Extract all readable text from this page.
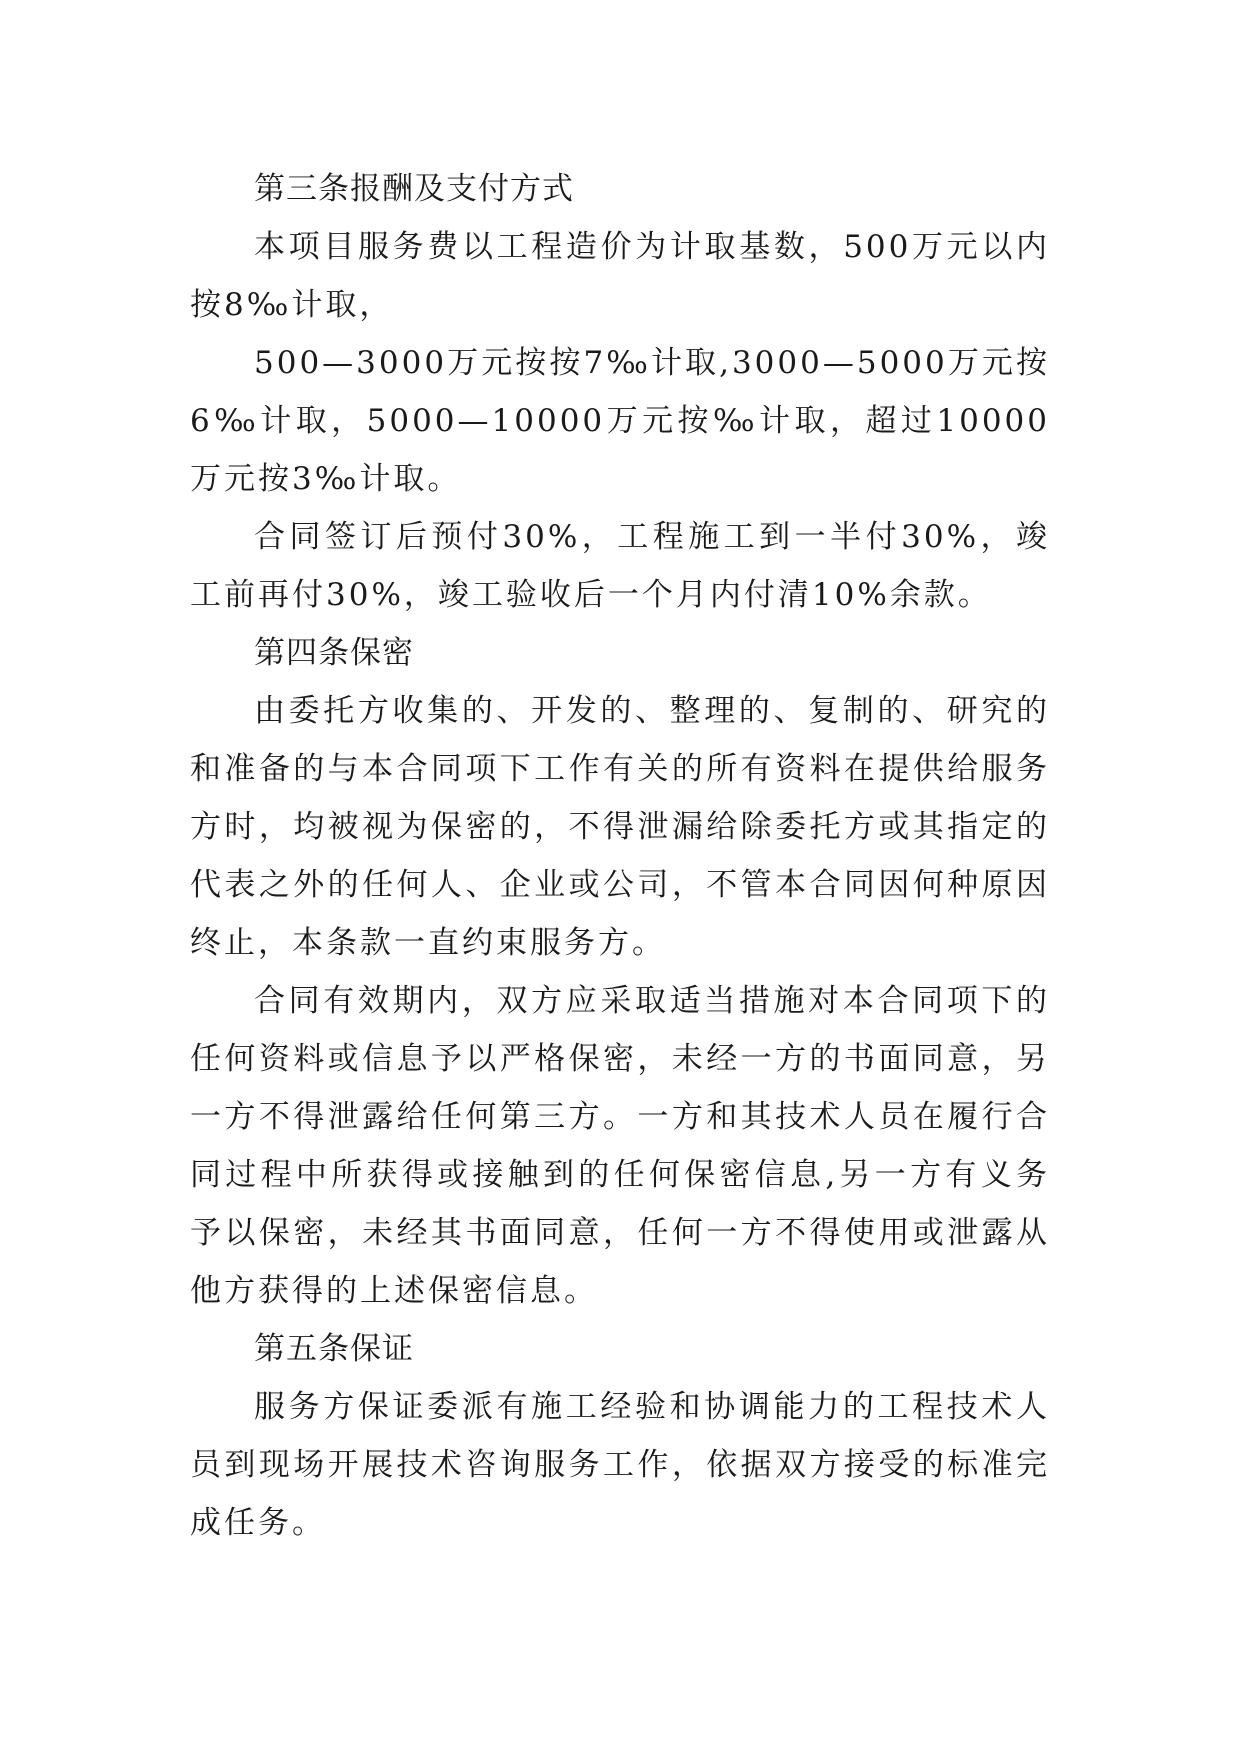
第三条报酬及支付方式

本项目服务费以工程造价为计取基数，500万元以内按8‰计取，

500—3000万元按按7‰计取,3000—5000万元按6‰计取，5000—10000万元按‰计取，超过10000万元按3‰计取。

合同签订后预付30%，工程施工到一半付30%，竣工前再付30%，竣工验收后一个月内付清10%余款。

第四条保密

由委托方收集的、开发的、整理的、复制的、研究的和准备的与本合同项下工作有关的所有资料在提供给服务方时，均被视为保密的，不得泄漏给除委托方或其指定的代表之外的任何人、企业或公司，不管本合同因何种原因终止，本条款一直约束服务方。

合同有效期内，双方应采取适当措施对本合同项下的任何资料或信息予以严格保密，未经一方的书面同意，另一方不得泄露给任何第三方。一方和其技术人员在履行合同过程中所获得或接触到的任何保密信息,另一方有义务予以保密，未经其书面同意，任何一方不得使用或泄露从他方获得的上述保密信息。

第五条保证

服务方保证委派有施工经验和协调能力的工程技术人员到现场开展技术咨询服务工作，依据双方接受的标准完成任务。
